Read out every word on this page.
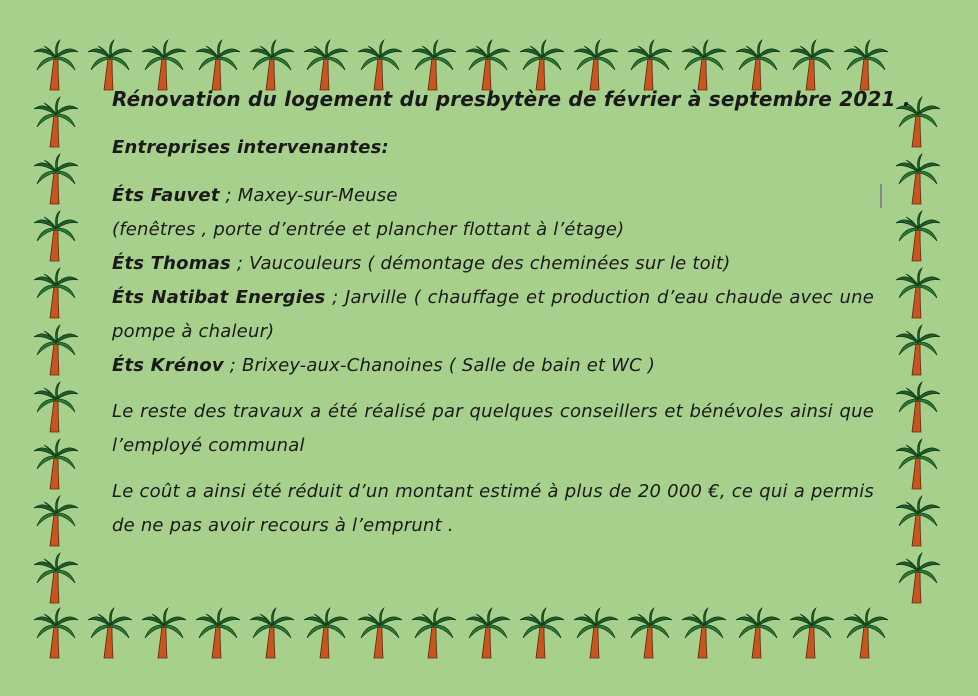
Rénovation du logement du presbytère de février à septembre 2021 .
Entreprises intervenantes:
Éts Fauvet ; Maxey-sur-Meuse
(fenêtres , porte d’entrée et plancher flottant à l’étage)
Éts Thomas ; Vaucouleurs ( démontage des cheminées sur le toit)
Éts Natibat Energies ; Jarville ( chauffage et production d’eau chaude avec une pompe à chaleur)
Éts Krénov ; Brixey-aux-Chanoines ( Salle de bain et WC )
Le reste des travaux a été réalisé par quelques conseillers et bénévoles ainsi que l’employé communal
Le coût a ainsi été réduit d’un montant estimé à plus de 20 000 €, ce qui a permis de ne pas avoir recours à l’emprunt .
